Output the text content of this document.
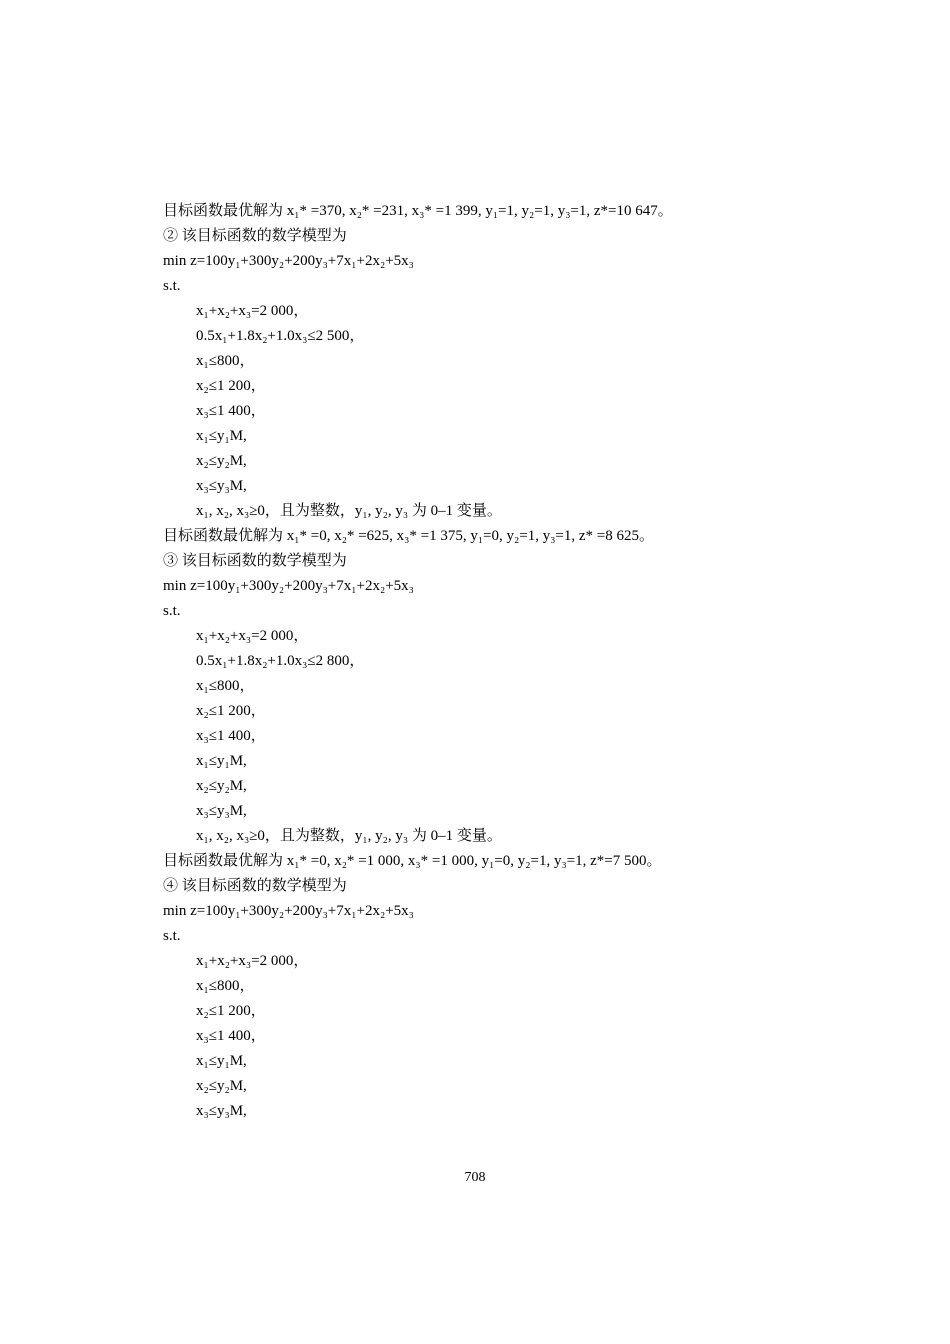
目标函数最优解为 x₁* =370, x₂* =231, x₃* =1 399, y₁=1, y₂=1, y₃=1, z*=10 647。
② 该目标函数的数学模型为
min z=100y₁+300y₂+200y₃+7x₁+2x₂+5x₃
s.t.
x₁+x₂+x₃=2 000，
0.5x₁+1.8x₂+1.0x₃≤2 500，
x₁≤800，
x₂≤1 200，
x₃≤1 400，
x₁≤y₁M,
x₂≤y₂M,
x₃≤y₃M,
x₁, x₂, x₃≥0，且为整数，y₁, y₂, y₃ 为 0–1 变量。
目标函数最优解为 x₁* =0, x₂* =625, x₃* =1 375, y₁=0, y₂=1, y₃=1, z* =8 625。
③ 该目标函数的数学模型为
min z=100y₁+300y₂+200y₃+7x₁+2x₂+5x₃
s.t.
x₁+x₂+x₃=2 000，
0.5x₁+1.8x₂+1.0x₃≤2 800，
x₁≤800，
x₂≤1 200，
x₃≤1 400，
x₁≤y₁M,
x₂≤y₂M,
x₃≤y₃M,
x₁, x₂, x₃≥0，且为整数，y₁, y₂, y₃ 为 0–1 变量。
目标函数最优解为 x₁* =0, x₂* =1 000, x₃* =1 000, y₁=0, y₂=1, y₃=1, z*=7 500。
④ 该目标函数的数学模型为
min z=100y₁+300y₂+200y₃+7x₁+2x₂+5x₃
s.t.
x₁+x₂+x₃=2 000，
x₁≤800，
x₂≤1 200，
x₃≤1 400，
x₁≤y₁M,
x₂≤y₂M,
x₃≤y₃M,
708
